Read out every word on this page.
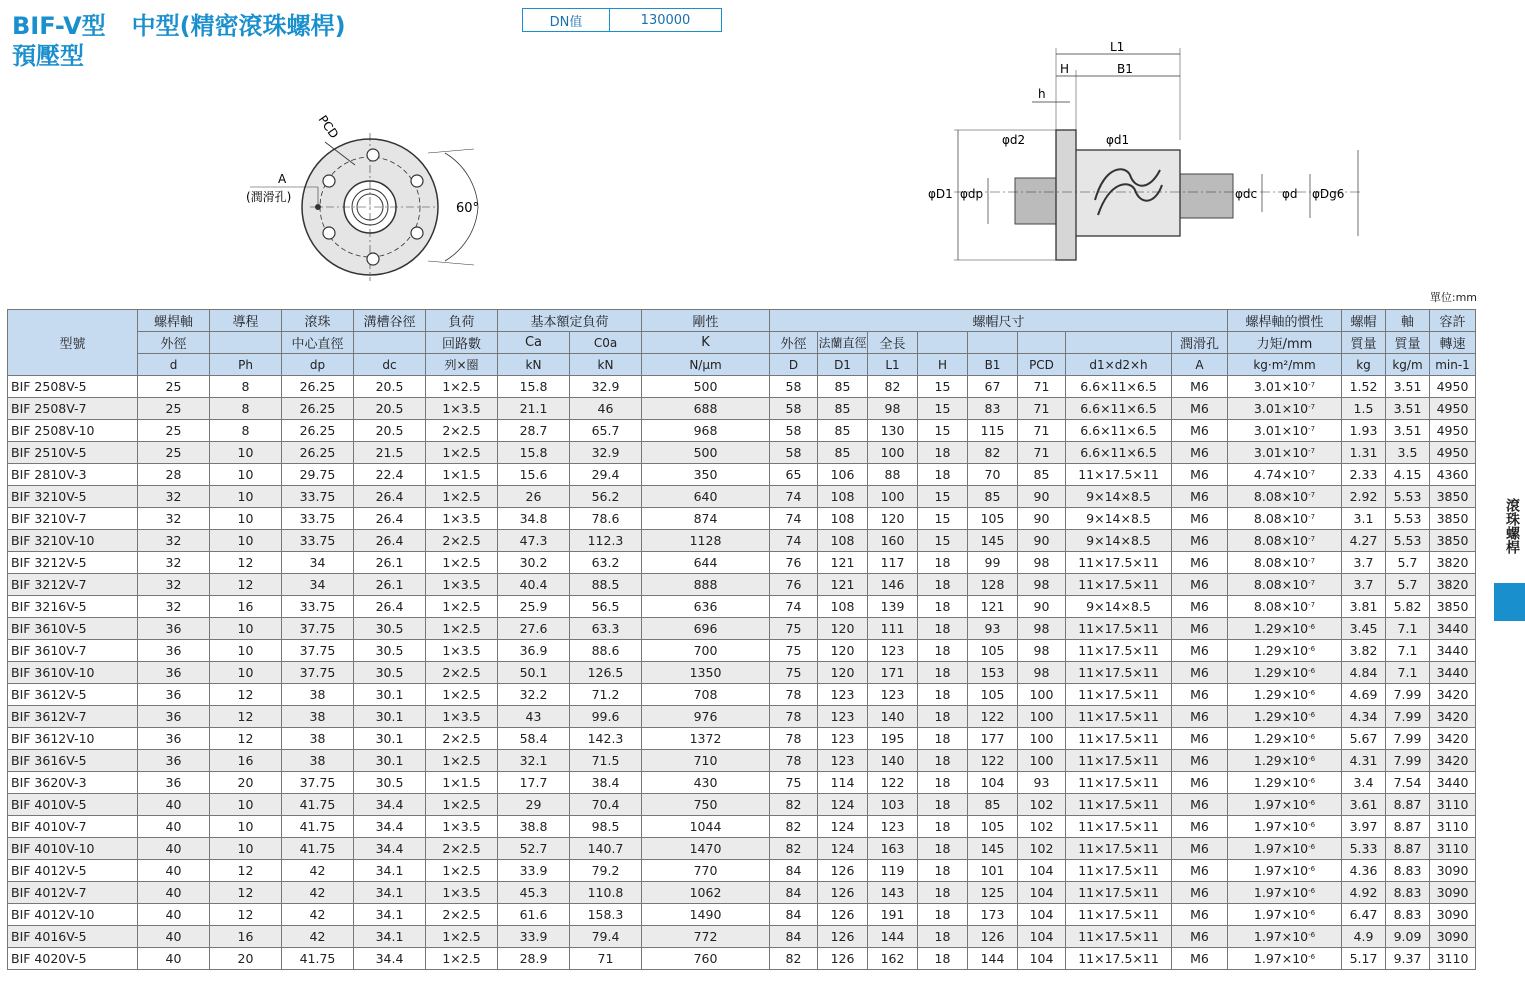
BIF-V型 中型(精密滾珠螺桿)
預壓型
DN值	130000
PCD
A
(潤滑孔)
60°
L1
H	B1
h
φD1 φdp
φd2	φd1
φdc φd φDg6
單位:mm
滾珠螺桿
型號	螺桿軸	導程	滾珠	溝槽谷徑	負荷	基本額定負荷		剛性	螺帽尺寸								螺桿軸的慣性	螺帽	軸	容許
	外徑		中心直徑		回路數	Ca	C0a	K	外徑	法蘭直徑	全長					潤滑孔	力矩/mm	質量	質量	轉速
	d	Ph	dp	dc	列×圈	kN	kN	N/μm	D	D1	L1	H	B1	PCD	d1×d2×h	A	kg·m²/mm	kg	kg/m	min-1
BIF 2508V-5	25	8	26.25	20.5	1×2.5	15.8	32.9	500	58	85	82	15	67	71	6.6×11×6.5	M6	$3.01\times 10^{-7}$	1.52	3.51	4950
BIF 2508V-7	25	8	26.25	20.5	1×3.5	21.1	46	688	58	85	98	15	83	71	6.6×11×6.5	M6	$3.01\times 10^{-7}$	1.5	3.51	4950
BIF 2508V-10	25	8	26.25	20.5	2×2.5	28.7	65.7	968	58	85	130	15	115	71	6.6×11×6.5	M6	$3.01\times 10^{-7}$	1.93	3.51	4950
BIF 2510V-5	25	10	26.25	21.5	1×2.5	15.8	32.9	500	58	85	100	18	82	71	6.6×11×6.5	M6	$3.01\times 10^{-7}$	1.31	3.5	4950
BIF 2810V-3	28	10	29.75	22.4	1×1.5	15.6	29.4	350	65	106	88	18	70	85	11×17.5×11	M6	$4.74\times 10^{-7}$	2.33	4.15	4360
BIF 3210V-5	32	10	33.75	26.4	1×2.5	26	56.2	640	74	108	100	15	85	90	9×14×8.5	M6	$8.08\times 10^{-7}$	2.92	5.53	3850
BIF 3210V-7	32	10	33.75	26.4	1×3.5	34.8	78.6	874	74	108	120	15	105	90	9×14×8.5	M6	$8.08\times 10^{-7}$	3.1	5.53	3850
BIF 3210V-10	32	10	33.75	26.4	2×2.5	47.3	112.3	1128	74	108	160	15	145	90	9×14×8.5	M6	$8.08\times 10^{-7}$	4.27	5.53	3850
BIF 3212V-5	32	12	34	26.1	1×2.5	30.2	63.2	644	76	121	117	18	99	98	11×17.5×11	M6	$8.08\times 10^{-7}$	3.7	5.7	3820
BIF 3212V-7	32	12	34	26.1	1×3.5	40.4	88.5	888	76	121	146	18	128	98	11×17.5×11	M6	$8.08\times 10^{-7}$	3.7	5.7	3820
BIF 3216V-5	32	16	33.75	26.4	1×2.5	25.9	56.5	636	74	108	139	18	121	90	9×14×8.5	M6	$8.08\times 10^{-7}$	3.81	5.82	3850
BIF 3610V-5	36	10	37.75	30.5	1×2.5	27.6	63.3	696	75	120	111	18	93	98	11×17.5×11	M6	$1.29\times 10^{-6}$	3.45	7.1	3440
BIF 3610V-7	36	10	37.75	30.5	1×3.5	36.9	88.6	700	75	120	123	18	105	98	11×17.5×11	M6	$1.29\times 10^{-6}$	3.82	7.1	3440
BIF 3610V-10	36	10	37.75	30.5	2×2.5	50.1	126.5	1350	75	120	171	18	153	98	11×17.5×11	M6	$1.29\times 10^{-6}$	4.84	7.1	3440
BIF 3612V-5	36	12	38	30.1	1×2.5	32.2	71.2	708	78	123	123	18	105	100	11×17.5×11	M6	$1.29\times 10^{-6}$	4.69	7.99	3420
BIF 3612V-7	36	12	38	30.1	1×3.5	43	99.6	976	78	123	140	18	122	100	11×17.5×11	M6	$1.29\times 10^{-6}$	4.34	7.99	3420
BIF 3612V-10	36	12	38	30.1	2×2.5	58.4	142.3	1372	78	123	195	18	177	100	11×17.5×11	M6	$1.29\times 10^{-6}$	5.67	7.99	3420
BIF 3616V-5	36	16	38	30.1	1×2.5	32.1	71.5	710	78	123	140	18	122	100	11×17.5×11	M6	$1.29\times 10^{-6}$	4.31	7.99	3420
BIF 3620V-3	36	20	37.75	30.5	1×1.5	17.7	38.4	430	75	114	122	18	104	93	11×17.5×11	M6	$1.29\times 10^{-6}$	3.4	7.54	3440
BIF 4010V-5	40	10	41.75	34.4	1×2.5	29	70.4	750	82	124	103	18	85	102	11×17.5×11	M6	$1.97\times 10^{-6}$	3.61	8.87	3110
BIF 4010V-7	40	10	41.75	34.4	1×3.5	38.8	98.5	1044	82	124	123	18	105	102	11×17.5×11	M6	$1.97\times 10^{-6}$	3.97	8.87	3110
BIF 4010V-10	40	10	41.75	34.4	2×2.5	52.7	140.7	1470	82	124	163	18	145	102	11×17.5×11	M6	$1.97\times 10^{-6}$	5.33	8.87	3110
BIF 4012V-5	40	12	42	34.1	1×2.5	33.9	79.2	770	84	126	119	18	101	104	11×17.5×11	M6	$1.97\times 10^{-6}$	4.36	8.83	3090
BIF 4012V-7	40	12	42	34.1	1×3.5	45.3	110.8	1062	84	126	143	18	125	104	11×17.5×11	M6	$1.97\times 10^{-6}$	4.92	8.83	3090
BIF 4012V-10	40	12	42	34.1	2×2.5	61.6	158.3	1490	84	126	191	18	173	104	11×17.5×11	M6	$1.97\times 10^{-6}$	6.47	8.83	3090
BIF 4016V-5	40	16	42	34.1	1×2.5	33.9	79.4	772	84	126	144	18	126	104	11×17.5×11	M6	$1.97\times 10^{-6}$	4.9	9.09	3090
BIF 4020V-5	40	20	41.75	34.4	1×2.5	28.9	71	760	82	126	162	18	144	104	11×17.5×11	M6	$1.97\times 10^{-6}$	5.17	9.37	3110
